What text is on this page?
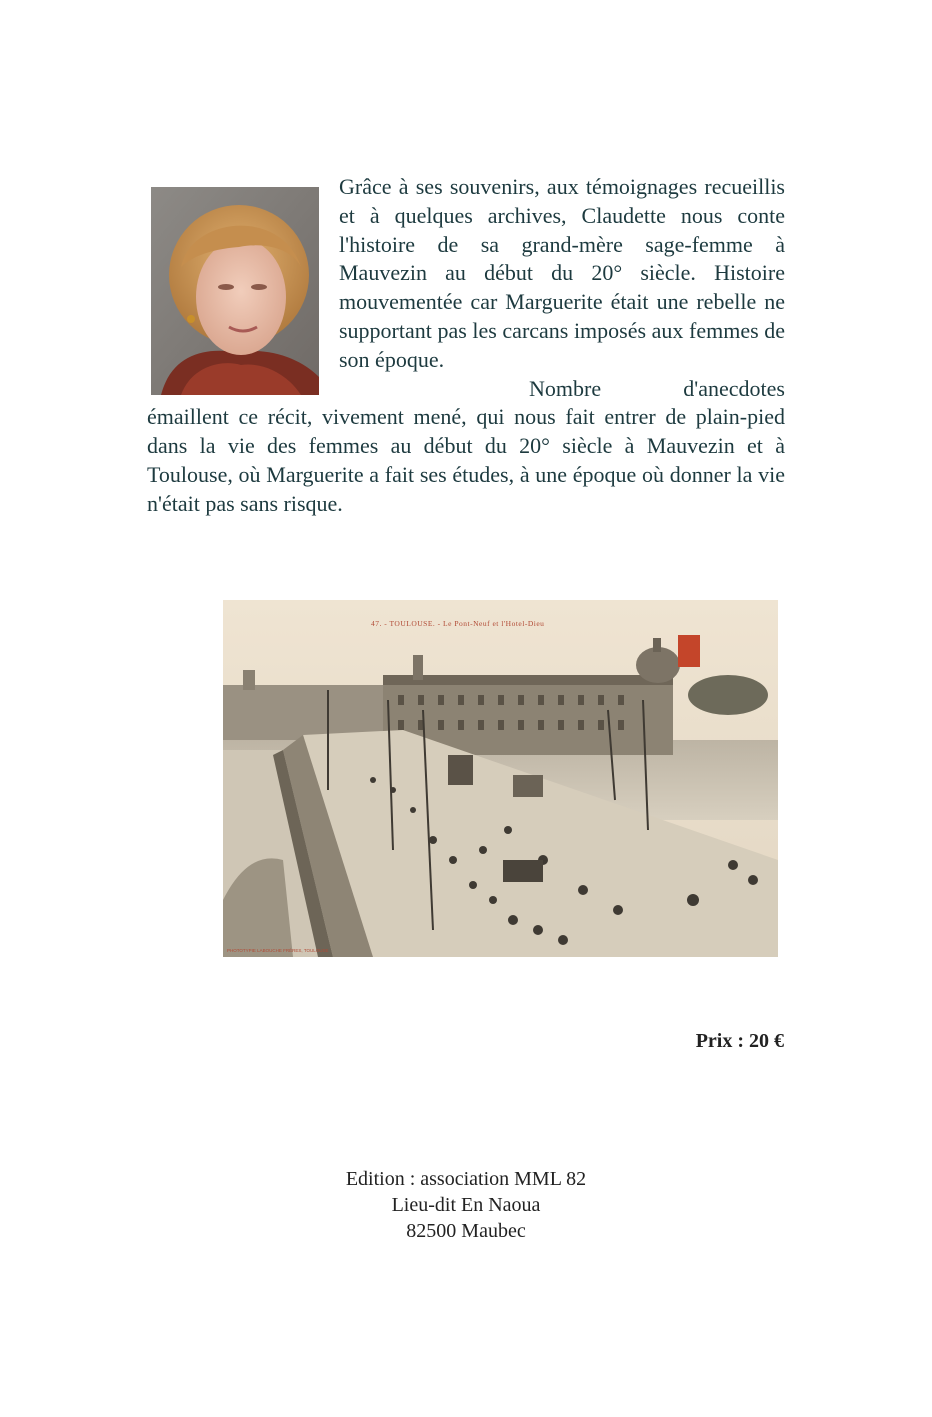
Grâce à ses souvenirs, aux témoignages recueillis et à quelques archives, Claudette nous conte l'histoire de sa grand-mère sage-femme à Mauvezin au début du 20° siècle. Histoire mouvementée car Marguerite était une rebelle ne supportant pas les carcans imposés aux femmes de son époque.

Nombre d'anecdotes émaillent ce récit, vivement mené, qui nous fait entrer de plain-pied dans la vie des femmes au début du 20° siècle à Mauvezin et à Toulouse, où Marguerite a fait ses études, à une époque où donner la vie n'était pas sans risque.

47. - TOULOUSE. - Le Pont-Neuf et l'Hotel-Dieu
PHOTOTYPIE LABOUCHE FRÈRES, TOULOUSE
Prix : 20 €
Edition : association MML 82
Lieu-dit En Naoua
82500 Maubec
